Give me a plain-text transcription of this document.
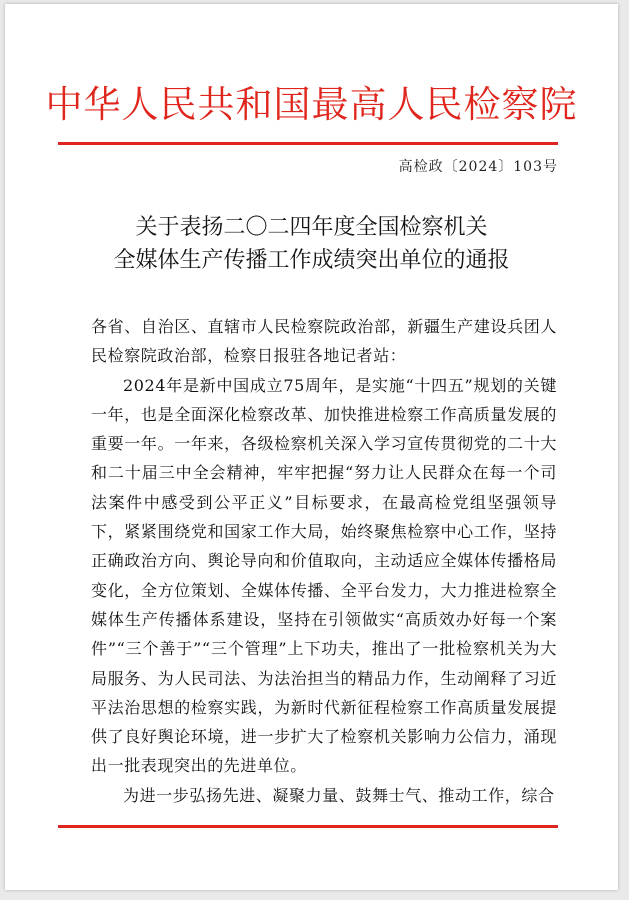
中华人民共和国最高人民检察院
高检政〔2024〕103号
关于表扬二〇二四年度全国检察机关
全媒体生产传播工作成绩突出单位的通报

各省、自治区、直辖市人民检察院政治部，新疆生产建设兵团人民检察院政治部，检察日报驻各地记者站：

2024年是新中国成立75周年，是实施“十四五”规划的关键一年，也是全面深化检察改革、加快推进检察工作高质量发展的重要一年。一年来，各级检察机关深入学习宣传贯彻党的二十大和二十届三中全会精神，牢牢把握“努力让人民群众在每一个司法案件中感受到公平正义”目标要求，在最高检党组坚强领导下，紧紧围绕党和国家工作大局，始终聚焦检察中心工作，坚持正确政治方向、舆论导向和价值取向，主动适应全媒体传播格局变化，全方位策划、全媒体传播、全平台发力，大力推进检察全媒体生产传播体系建设，坚持在引领做实“高质效办好每一个案件”“三个善于”“三个管理”上下功夫，推出了一批检察机关为大局服务、为人民司法、为法治担当的精品力作，生动阐释了习近平法治思想的检察实践，为新时代新征程检察工作高质量发展提供了良好舆论环境，进一步扩大了检察机关影响力公信力，涌现出一批表现突出的先进单位。

为进一步弘扬先进、凝聚力量、鼓舞士气、推动工作，综合
